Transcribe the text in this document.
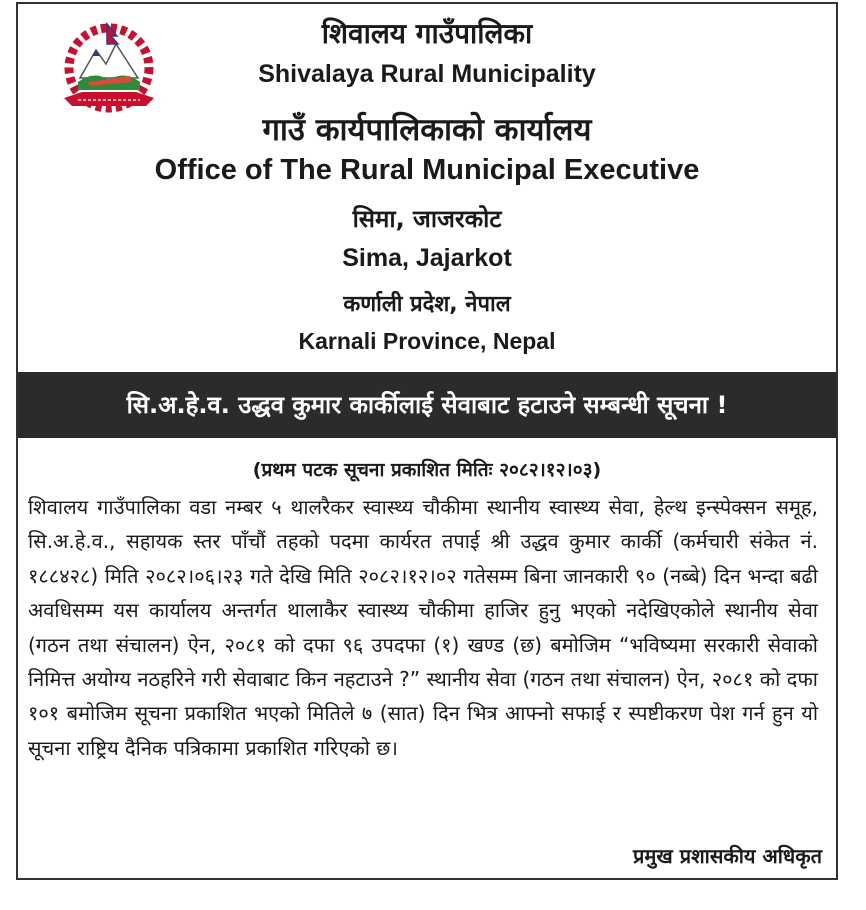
शिवालय गाउँपालिका
Shivalaya Rural Municipality
गाउँ कार्यपालिकाको कार्यालय
Office of The Rural Municipal Executive
सिमा, जाजरकोट
Sima, Jajarkot
कर्णाली प्रदेश, नेपाल
Karnali Province, Nepal
सि.अ.हे.व. उद्धव कुमार कार्कीलाई सेवाबाट हटाउने सम्बन्धी सूचना !
(प्रथम पटक सूचना प्रकाशित मितिः २०८२।१२।०३)
शिवालय गाउँपालिका वडा नम्बर ५ थालरैकर स्वास्थ्य चौकीमा स्थानीय स्वास्थ्य सेवा, हेल्थ इन्स्पेक्सन समूह, सि.अ.हे.व., सहायक स्तर पाँचौं तहको पदमा कार्यरत तपाई श्री उद्धव कुमार कार्की (कर्मचारी संकेत नं. १८८४२८) मिति २०८२।०६।२३ गते देखि मिति २०८२।१२।०२ गतेसम्म बिना जानकारी ९० (नब्बे) दिन भन्दा बढी अवधिसम्म यस कार्यालय अन्तर्गत थालाकैर स्वास्थ्य चौकीमा हाजिर हुनु भएको नदेखिएकोले स्थानीय सेवा (गठन तथा संचालन) ऐन, २०८१ को दफा ९६ उपदफा (१) खण्ड (छ) बमोजिम “भविष्यमा सरकारी सेवाको निमित्त अयोग्य नठहरिने गरी सेवाबाट किन नहटाउने ?” स्थानीय सेवा (गठन तथा संचालन) ऐन, २०८१ को दफा १०१ बमोजिम सूचना प्रकाशित भएको मितिले ७ (सात) दिन भित्र आफ्नो सफाई र स्पष्टीकरण पेश गर्न हुन यो सूचना राष्ट्रिय दैनिक पत्रिकामा प्रकाशित गरिएको छ।
प्रमुख प्रशासकीय अधिकृत
